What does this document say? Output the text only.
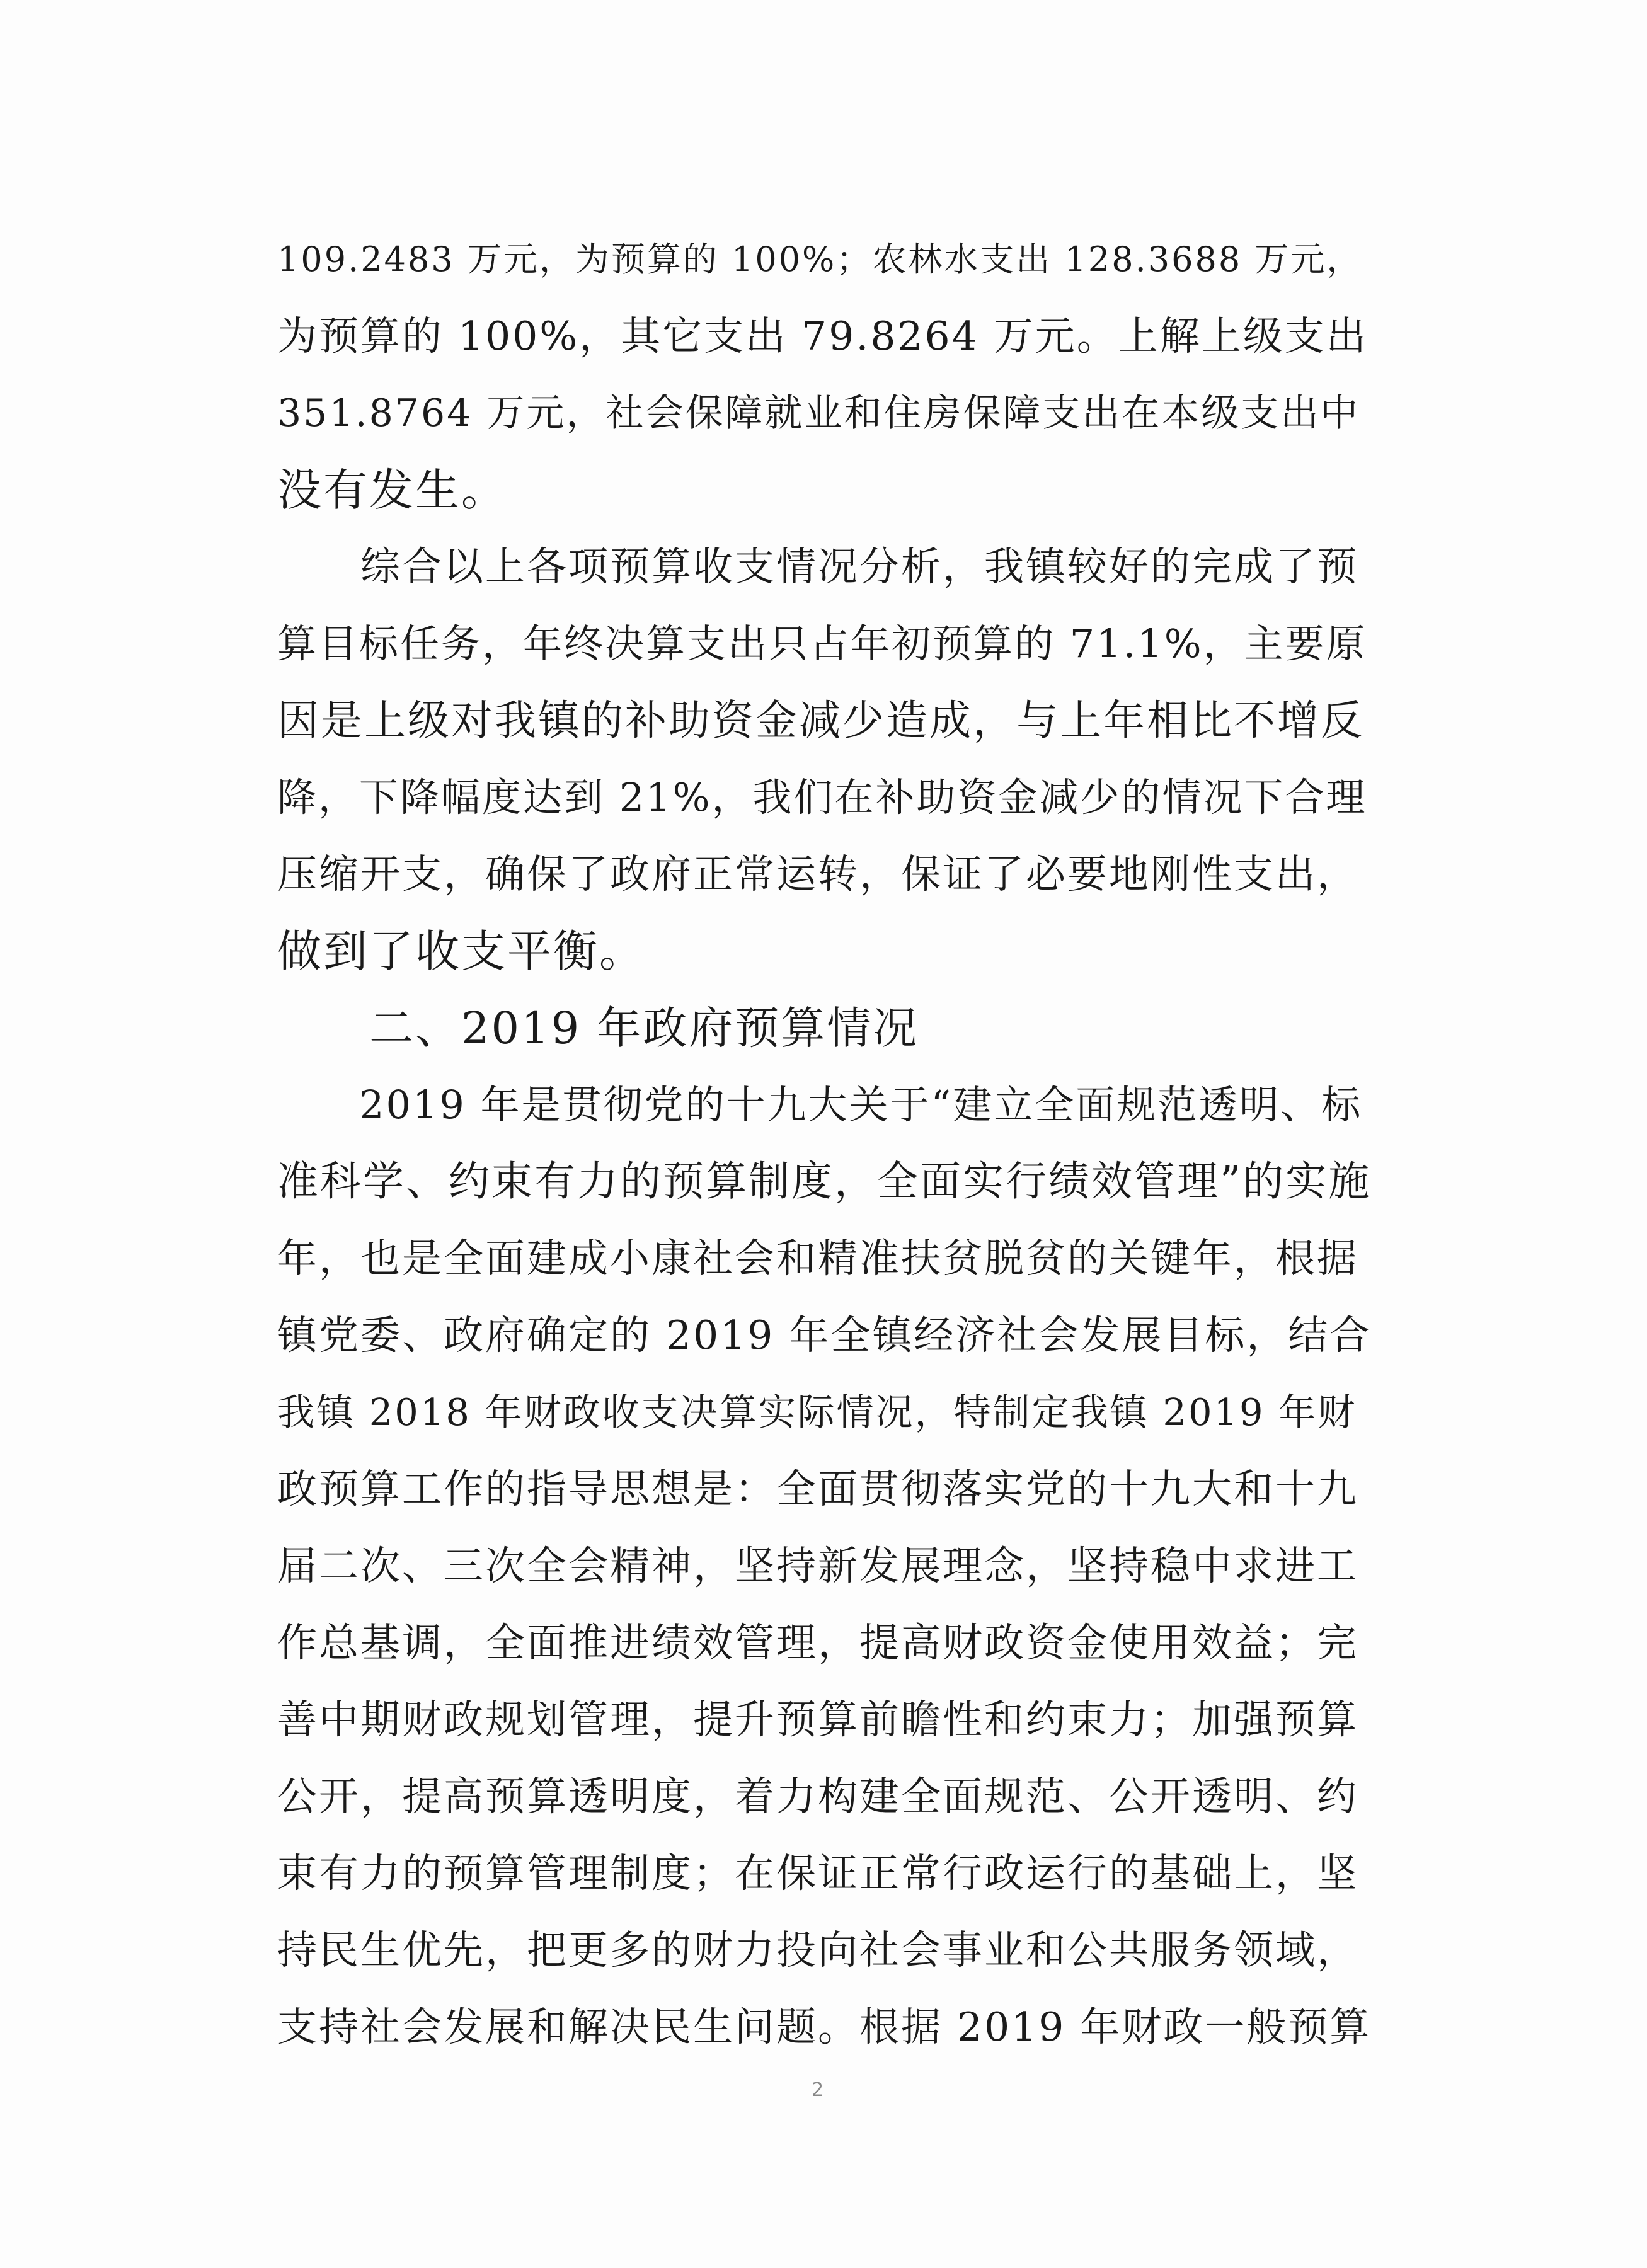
109.2483 万元，为预算的 100%；农林水支出 128.3688 万元，
为预算的 100%，其它支出 79.8264 万元。上解上级支出
351.8764 万元，社会保障就业和住房保障支出在本级支出中
没有发生。
　　综合以上各项预算收支情况分析，我镇较好的完成了预
算目标任务，年终决算支出只占年初预算的 71.1%，主要原
因是上级对我镇的补助资金减少造成，与上年相比不增反
降，下降幅度达到 21%，我们在补助资金减少的情况下合理
压缩开支，确保了政府正常运转，保证了必要地刚性支出，
做到了收支平衡。
　　二、2019 年政府预算情况
　　2019 年是贯彻党的十九大关于“建立全面规范透明、标
准科学、约束有力的预算制度，全面实行绩效管理”的实施
年，也是全面建成小康社会和精准扶贫脱贫的关键年，根据
镇党委、政府确定的 2019 年全镇经济社会发展目标，结合
我镇 2018 年财政收支决算实际情况，特制定我镇 2019 年财
政预算工作的指导思想是：全面贯彻落实党的十九大和十九
届二次、三次全会精神，坚持新发展理念，坚持稳中求进工
作总基调，全面推进绩效管理，提高财政资金使用效益；完
善中期财政规划管理，提升预算前瞻性和约束力；加强预算
公开，提高预算透明度，着力构建全面规范、公开透明、约
束有力的预算管理制度；在保证正常行政运行的基础上，坚
持民生优先，把更多的财力投向社会事业和公共服务领域，
支持社会发展和解决民生问题。根据 2019 年财政一般预算
2
